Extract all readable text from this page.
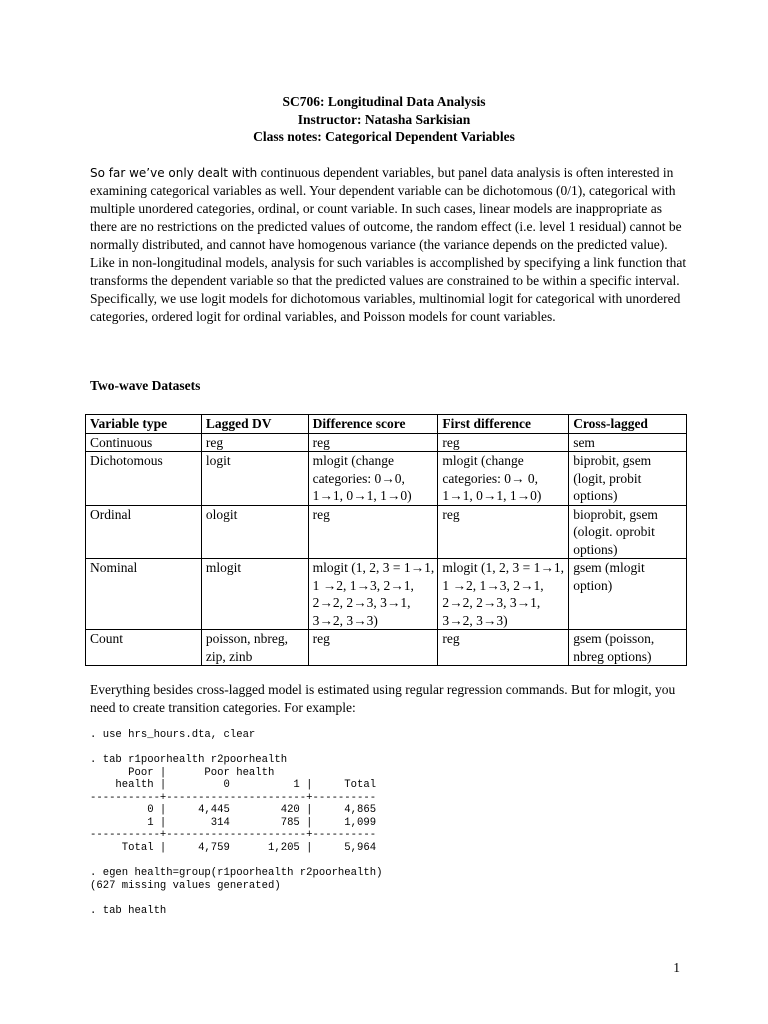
SC706: Longitudinal Data Analysis
Instructor: Natasha Sarkisian
Class notes: Categorical Dependent Variables

So far we’ve only dealt with continuous dependent variables, but panel data analysis is often interested in examining categorical variables as well. Your dependent variable can be dichotomous (0/1), categorical with multiple unordered categories, ordinal, or count variable. In such cases, linear models are inappropriate as there are no restrictions on the predicted values of outcome, the random effect (i.e. level 1 residual) cannot be normally distributed, and cannot have homogenous variance (the variance depends on the predicted value). Like in non-longitudinal models, analysis for such variables is accomplished by specifying a link function that transforms the dependent variable so that the predicted values are constrained to be within a specific interval. Specifically, we use logit models for dichotomous variables, multinomial logit for categorical with unordered categories, ordered logit for ordinal variables, and Poisson models for count variables.

Two-wave Datasets
Variable type	Lagged DV	Difference score	First difference	Cross-lagged
Continuous	reg	reg	reg	sem
Dichotomous	logit	mlogit (change categories: 0→0, 1→1, 0→1, 1→0)	mlogit (change categories: 0→ 0, 1→1, 0→1, 1→0)	biprobit, gsem (logit, probit options)
Ordinal	ologit	reg	reg	bioprobit, gsem (ologit. oprobit options)
Nominal	mlogit	mlogit (1, 2, 3 = 1→1, 1 →2, 1→3, 2→1, 2→2, 2→3, 3→1, 3→2, 3→3)	mlogit (1, 2, 3 = 1→1, 1 →2, 1→3, 2→1, 2→2, 2→3, 3→1, 3→2, 3→3)	gsem (mlogit option)
Count	poisson, nbreg, zip, zinb	reg	reg	gsem (poisson, nbreg options)

Everything besides cross-lagged model is estimated using regular regression commands. But for mlogit, you need to create transition categories. For example:

. use hrs_hours.dta, clear

. tab r1poorhealth r2poorhealth
Poor |      Poor health
health |         0          1 |     Total
-----------+----------------------+----------
0 |     4,445        420 |     4,865
1 |       314        785 |     1,099
-----------+----------------------+----------
Total |     4,759      1,205 |     5,964

. egen health=group(r1poorhealth r2poorhealth)
(627 missing values generated)

. tab health
1
